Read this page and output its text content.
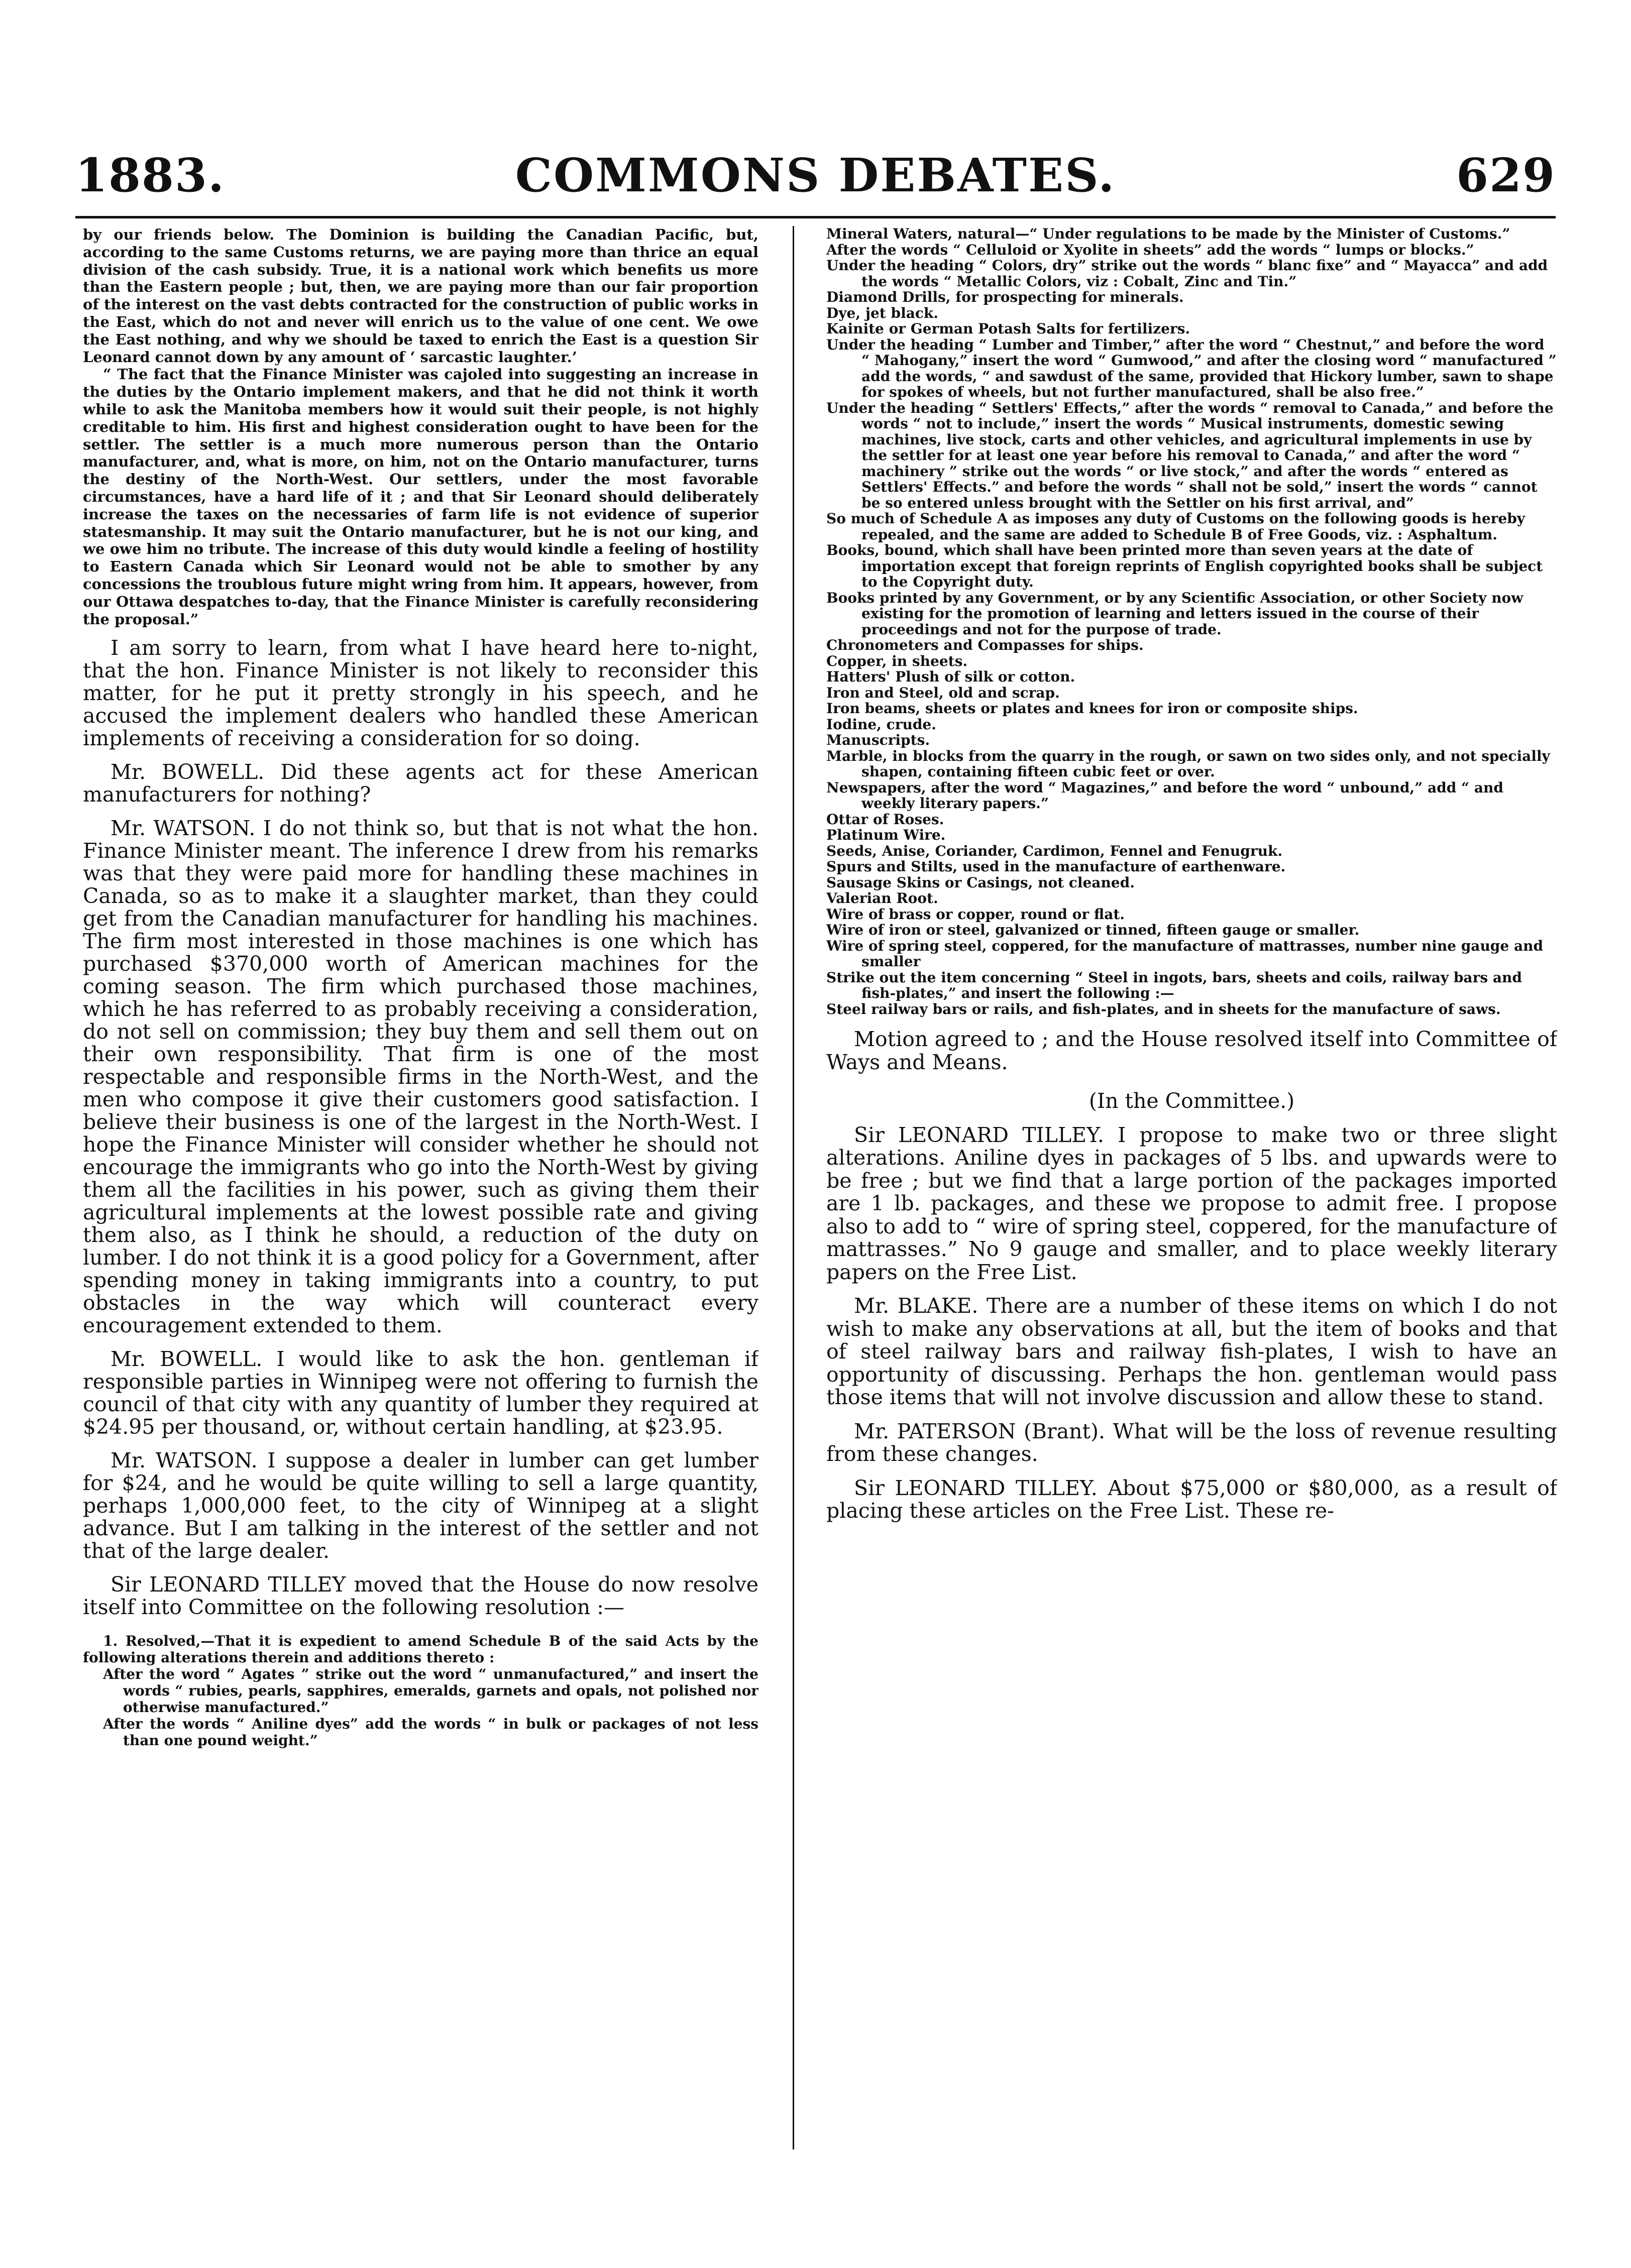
1883.	COMMONS DEBATES.	629

by our friends below. The Dominion is building the Canadian Pacific, but, according to the same Customs returns, we are paying more than thrice an equal division of the cash subsidy. True, it is a national work which benefits us more than the Eastern people ; but, then, we are paying more than our fair proportion of the interest on the vast debts contracted for the construction of public works in the East, which do not and never will enrich us to the value of one cent. We owe the East nothing, and why we should be taxed to enrich the East is a question Sir Leonard cannot down by any amount of ‘ sarcastic laughter.’

“ The fact that the Finance Minister was cajoled into suggesting an increase in the duties by the Ontario implement makers, and that he did not think it worth while to ask the Manitoba members how it would suit their people, is not highly creditable to him. His first and highest consideration ought to have been for the settler. The settler is a much more numerous person than the Ontario manufacturer, and, what is more, on him, not on the Ontario manufacturer, turns the destiny of the North-West. Our settlers, under the most favorable circumstances, have a hard life of it ; and that Sir Leonard should deliberately increase the taxes on the necessaries of farm life is not evidence of superior statesmanship. It may suit the Ontario manufacturer, but he is not our king, and we owe him no tribute. The increase of this duty would kindle a feeling of hostility to Eastern Canada which Sir Leonard would not be able to smother by any concessions the troublous future might wring from him. It appears, however, from our Ottawa despatches to-day, that the Finance Minister is carefully reconsidering the proposal.”

I am sorry to learn, from what I have heard here to-night, that the hon. Finance Minister is not likely to reconsider this matter, for he put it pretty strongly in his speech, and he accused the implement dealers who handled these American implements of receiving a consideration for so doing.

Mr. BOWELL. Did these agents act for these American manufacturers for nothing?

Mr. WATSON. I do not think so, but that is not what the hon. Finance Minister meant. The inference I drew from his remarks was that they were paid more for handling these machines in Canada, so as to make it a slaughter market, than they could get from the Canadian manufacturer for handling his machines. The firm most interested in those machines is one which has purchased $370,000 worth of American machines for the coming season. The firm which purchased those machines, which he has referred to as probably receiving a consideration, do not sell on commission; they buy them and sell them out on their own responsibility. That firm is one of the most respectable and responsible firms in the North-West, and the men who compose it give their customers good satisfaction. I believe their business is one of the largest in the North-West. I hope the Finance Minister will consider whether he should not encourage the immigrants who go into the North-West by giving them all the facilities in his power, such as giving them their agricultural implements at the lowest possible rate and giving them also, as I think he should, a reduction of the duty on lumber. I do not think it is a good policy for a Government, after spending money in taking immigrants into a country, to put obstacles in the way which will counteract every encouragement extended to them.

Mr. BOWELL. I would like to ask the hon. gentleman if responsible parties in Winnipeg were not offering to furnish the council of that city with any quantity of lumber they required at $24.95 per thousand, or, without certain handling, at $23.95.

Mr. WATSON. I suppose a dealer in lumber can get lumber for $24, and he would be quite willing to sell a large quantity, perhaps 1,000,000 feet, to the city of Winnipeg at a slight advance. But I am talking in the interest of the settler and not that of the large dealer.

Sir LEONARD TILLEY moved that the House do now resolve itself into Committee on the following resolution :—

1. Resolved,—That it is expedient to amend Schedule B of the said Acts by the following alterations therein and additions thereto :

After the word “ Agates ” strike out the word “ unmanufactured,” and insert the words “ rubies, pearls, sapphires, emeralds, garnets and opals, not polished nor otherwise manufactured.”

After the words “ Aniline dyes” add the words “ in bulk or packages of not less than one pound weight.”

Mineral Waters, natural—“ Under regulations to be made by the Minister of Customs.”

After the words “ Celluloid or Xyolite in sheets” add the words “ lumps or blocks.”

Under the heading “ Colors, dry” strike out the words “ blanc fixe” and “ Mayacca” and add the words “ Metallic Colors, viz : Cobalt, Zinc and Tin.”

Diamond Drills, for prospecting for minerals.

Dye, jet black.

Kainite or German Potash Salts for fertilizers.

Under the heading “ Lumber and Timber,” after the word “ Chestnut,” and before the word “ Mahogany,” insert the word “ Gumwood,” and after the closing word “ manufactured ” add the words, “ and sawdust of the same, provided that Hickory lumber, sawn to shape for spokes of wheels, but not further manufactured, shall be also free.”

Under the heading “ Settlers' Effects,” after the words “ removal to Canada,” and before the words “ not to include,” insert the words “ Musical instruments, domestic sewing machines, live stock, carts and other vehicles, and agricultural implements in use by the settler for at least one year before his removal to Canada,” and after the word “ machinery ” strike out the words “ or live stock,” and after the words “ entered as Settlers' Effects.” and before the words “ shall not be sold,” insert the words “ cannot be so entered unless brought with the Settler on his first arrival, and”

So much of Schedule A as imposes any duty of Customs on the following goods is hereby repealed, and the same are added to Schedule B of Free Goods, viz. : Asphaltum.

Books, bound, which shall have been printed more than seven years at the date of importation except that foreign reprints of English copyrighted books shall be subject to the Copyright duty.

Books printed by any Government, or by any Scientific Association, or other Society now existing for the promotion of learning and letters issued in the course of their proceedings and not for the purpose of trade.

Chronometers and Compasses for ships.

Copper, in sheets.

Hatters' Plush of silk or cotton.

Iron and Steel, old and scrap.

Iron beams, sheets or plates and knees for iron or composite ships.

Iodine, crude.

Manuscripts.

Marble, in blocks from the quarry in the rough, or sawn on two sides only, and not specially shapen, containing fifteen cubic feet or over.

Newspapers, after the word “ Magazines,” and before the word “ unbound,” add “ and weekly literary papers.”

Ottar of Roses.

Platinum Wire.

Seeds, Anise, Coriander, Cardimon, Fennel and Fenugruk.

Spurs and Stilts, used in the manufacture of earthenware.

Sausage Skins or Casings, not cleaned.

Valerian Root.

Wire of brass or copper, round or flat.

Wire of iron or steel, galvanized or tinned, fifteen gauge or smaller.

Wire of spring steel, coppered, for the manufacture of mattrasses, number nine gauge and smaller

Strike out the item concerning “ Steel in ingots, bars, sheets and coils, railway bars and fish-plates,” and insert the following :—

Steel railway bars or rails, and fish-plates, and in sheets for the manufacture of saws.

Motion agreed to ; and the House resolved itself into Committee of Ways and Means.

(In the Committee.)

Sir LEONARD TILLEY. I propose to make two or three slight alterations. Aniline dyes in packages of 5 lbs. and upwards were to be free ; but we find that a large portion of the packages imported are 1 lb. packages, and these we propose to admit free. I propose also to add to “ wire of spring steel, coppered, for the manufacture of mattrasses.” No 9 gauge and smaller, and to place weekly literary papers on the Free List.

Mr. BLAKE. There are a number of these items on which I do not wish to make any observations at all, but the item of books and that of steel railway bars and railway fish-plates, I wish to have an opportunity of discussing. Perhaps the hon. gentleman would pass those items that will not involve discussion and allow these to stand.

Mr. PATERSON (Brant). What will be the loss of revenue resulting from these changes.

Sir LEONARD TILLEY. About $75,000 or $80,000, as a result of placing these articles on the Free List. These re-
